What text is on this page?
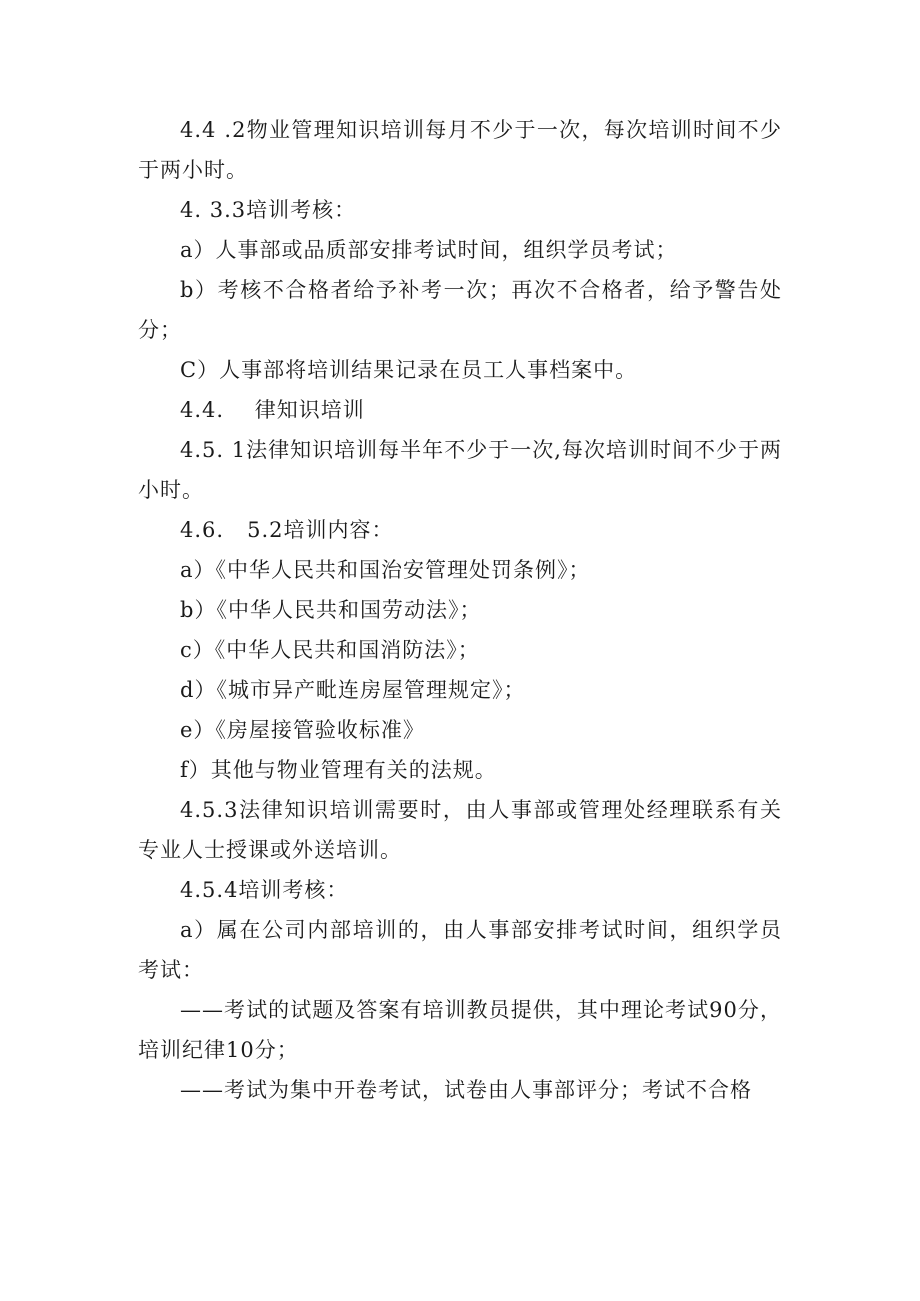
4.4 .2物业管理知识培训每月不少于一次，每次培训时间不少于两小时。

4. 3.3培训考核：

a）人事部或品质部安排考试时间，组织学员考试；

b）考核不合格者给予补考一次；再次不合格者，给予警告处分；

C）人事部将培训结果记录在员工人事档案中。

4.4.    律知识培训

4.5. 1法律知识培训每半年不少于一次,每次培训时间不少于两小时。

4.6.   5.2培训内容：

a）《中华人民共和国治安管理处罚条例》；

b）《中华人民共和国劳动法》；

c）《中华人民共和国消防法》；

d）《城市异产毗连房屋管理规定》；

e）《房屋接管验收标准》

f）其他与物业管理有关的法规。

4.5.3法律知识培训需要时，由人事部或管理处经理联系有关专业人士授课或外送培训。

4.5.4培训考核：

a）属在公司内部培训的，由人事部安排考试时间，组织学员考试：

——考试的试题及答案有培训教员提供，其中理论考试90分，培训纪律10分；

——考试为集中开卷考试，试卷由人事部评分；考试不合格
